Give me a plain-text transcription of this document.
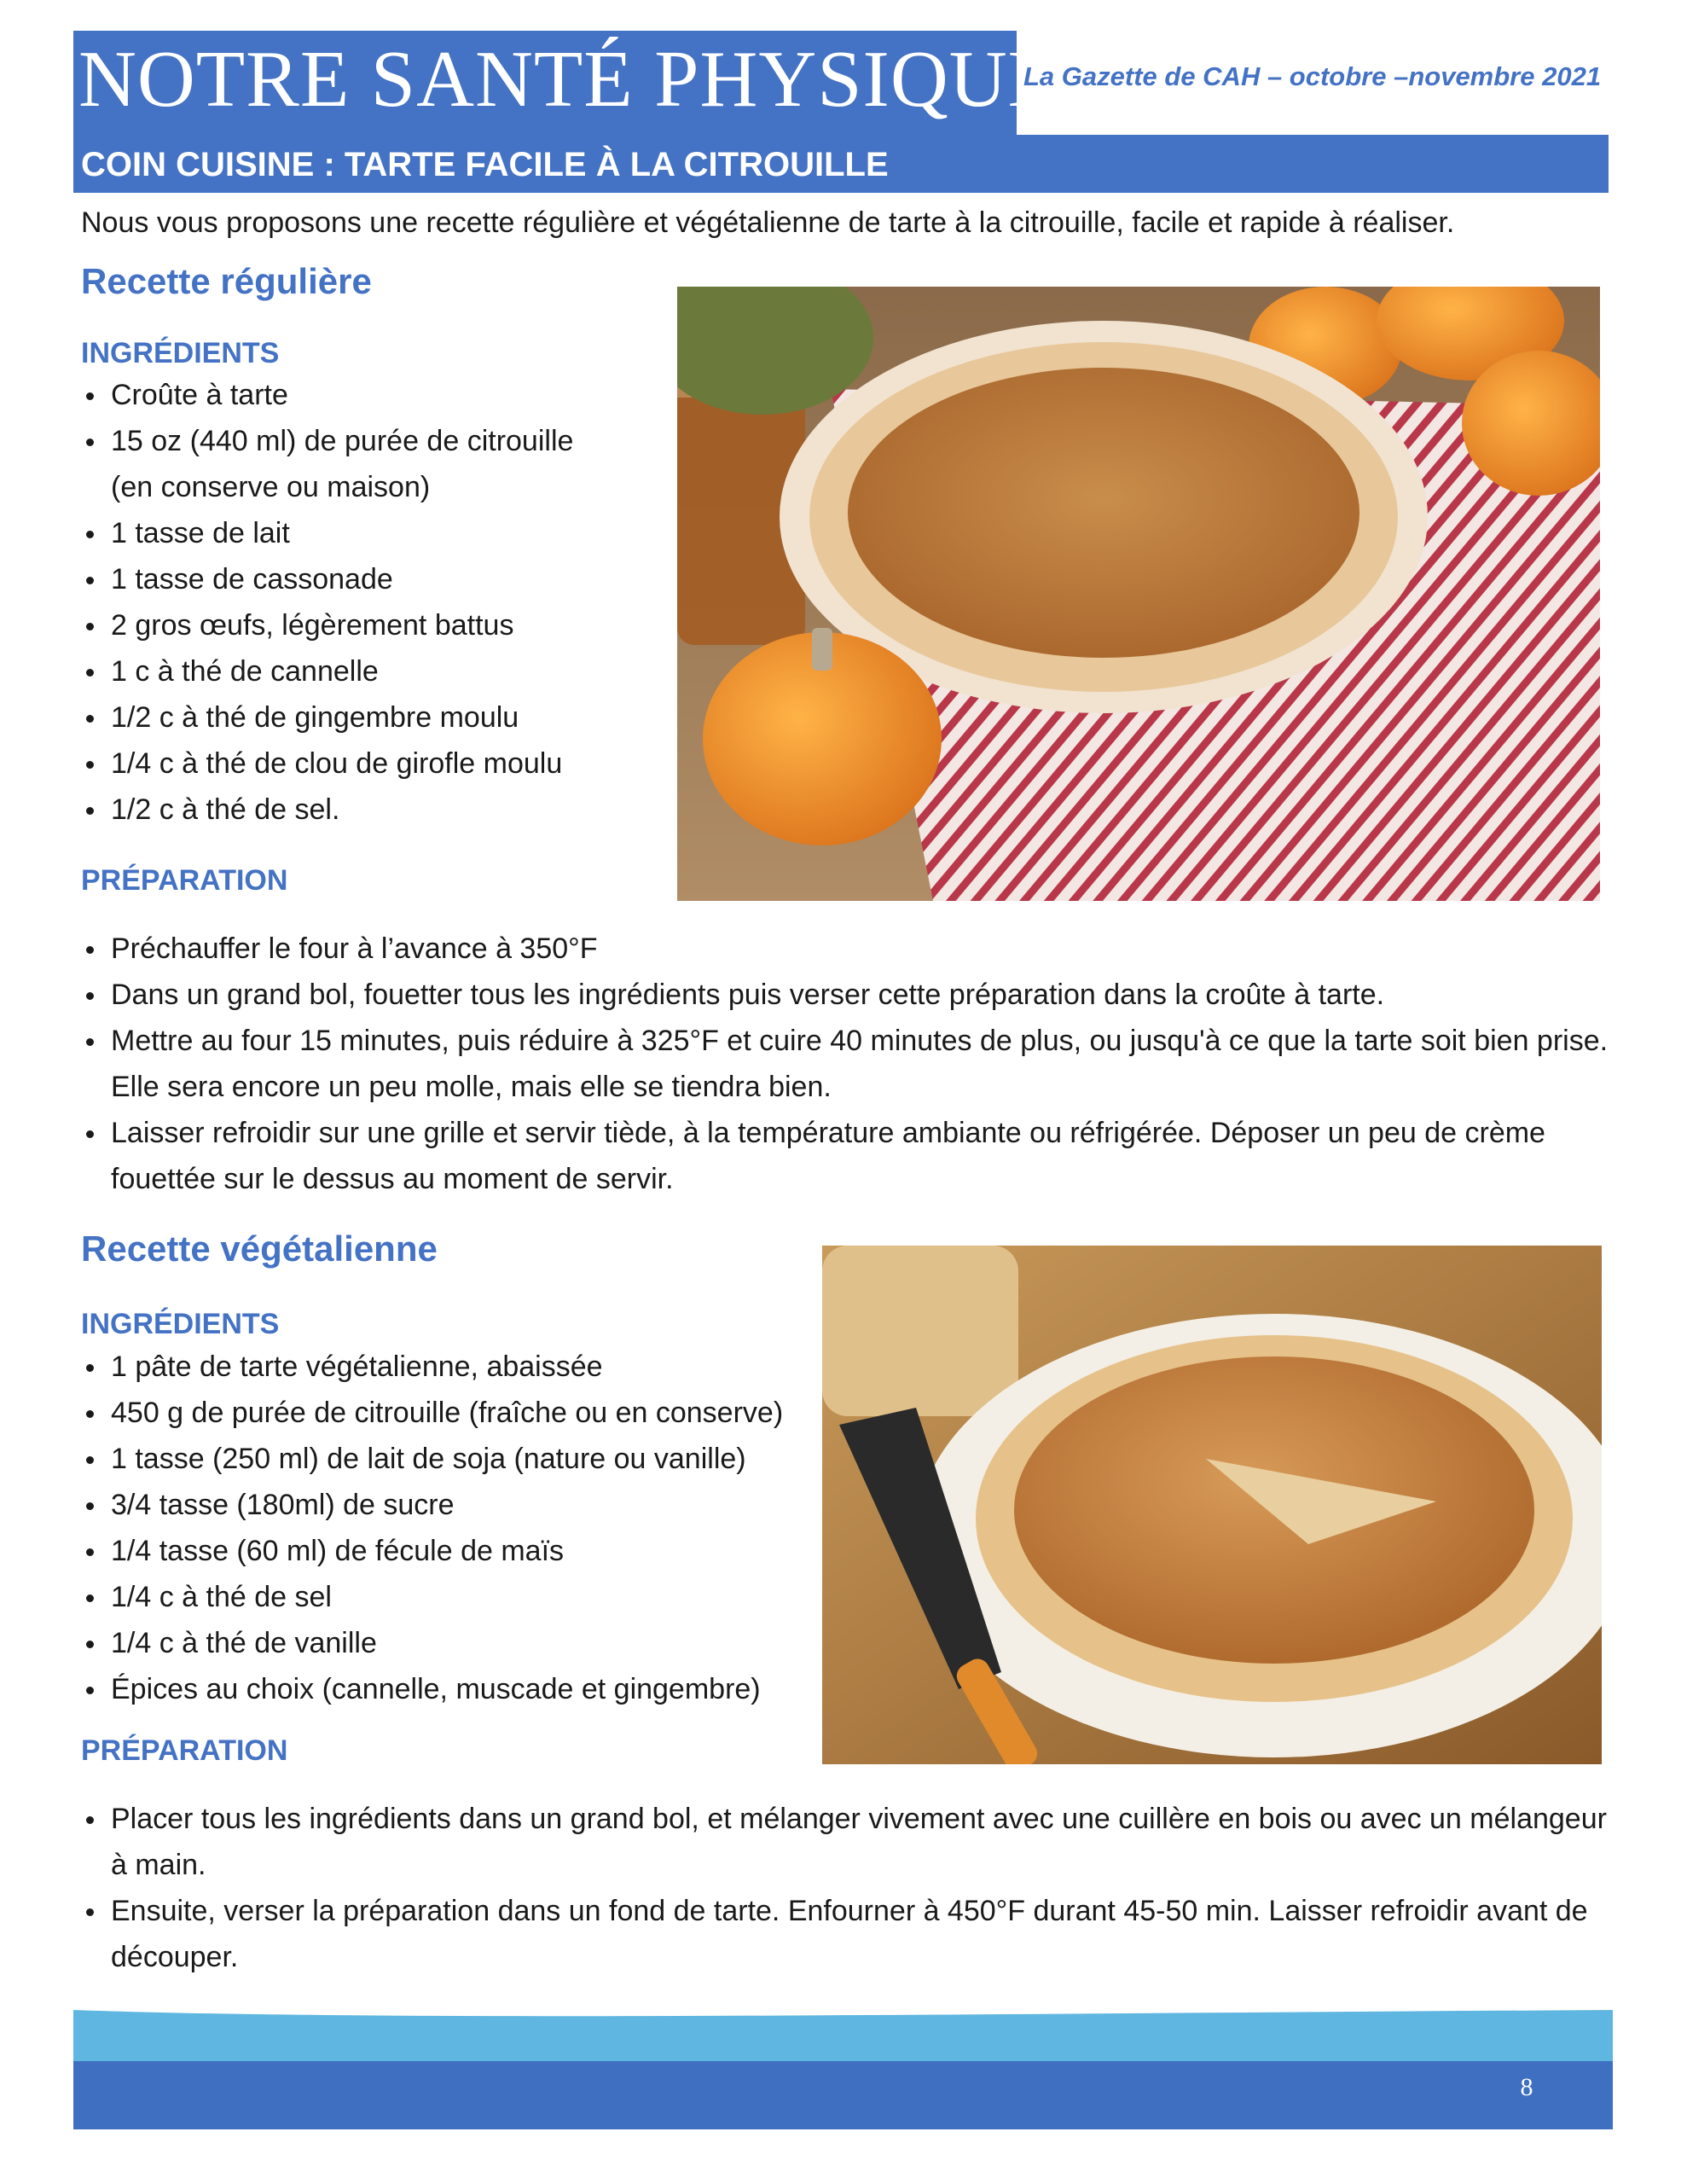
NOTRE SANTÉ PHYSIQUE
La Gazette de CAH – octobre –novembre 2021
COIN CUISINE : TARTE FACILE À LA CITROUILLE
Nous vous proposons une recette régulière et végétalienne de tarte à la citrouille, facile et rapide à réaliser.
Recette régulière
INGRÉDIENTS
Croûte à tarte
15 oz (440 ml) de purée de citrouille
(en conserve ou maison)
1 tasse de lait
1 tasse de cassonade
2 gros œufs, légèrement battus
1 c à thé de cannelle
1/2 c à thé de gingembre moulu
1/4 c à thé de clou de girofle moulu
1/2 c à thé de sel.
PRÉPARATION
Préchauffer le four à l’avance à 350°F
Dans un grand bol, fouetter tous les ingrédients puis verser cette préparation dans la croûte à tarte.
Mettre au four 15 minutes, puis réduire à 325°F et cuire 40 minutes de plus, ou jusqu'à ce que la tarte soit bien prise. Elle sera encore un peu molle, mais elle se tiendra bien.
Laisser refroidir sur une grille et servir tiède, à la température ambiante ou réfrigérée. Déposer un peu de crème fouettée sur le dessus au moment de servir.
Recette végétalienne
INGRÉDIENTS
1 pâte de tarte végétalienne, abaissée
450 g de purée de citrouille (fraîche ou en conserve)
1 tasse (250 ml) de lait de soja (nature ou vanille)
3/4 tasse (180ml) de sucre
1/4 tasse (60 ml) de fécule de maïs
1/4 c à thé de sel
1/4 c à thé de vanille
Épices au choix (cannelle, muscade et gingembre)
PRÉPARATION
Placer tous les ingrédients dans un grand bol, et mélanger vivement avec une cuillère en bois ou avec un mélangeur à main.
Ensuite, verser la préparation dans un fond de tarte. Enfourner à 450°F durant 45-50 min. Laisser refroidir avant de découper.
8
